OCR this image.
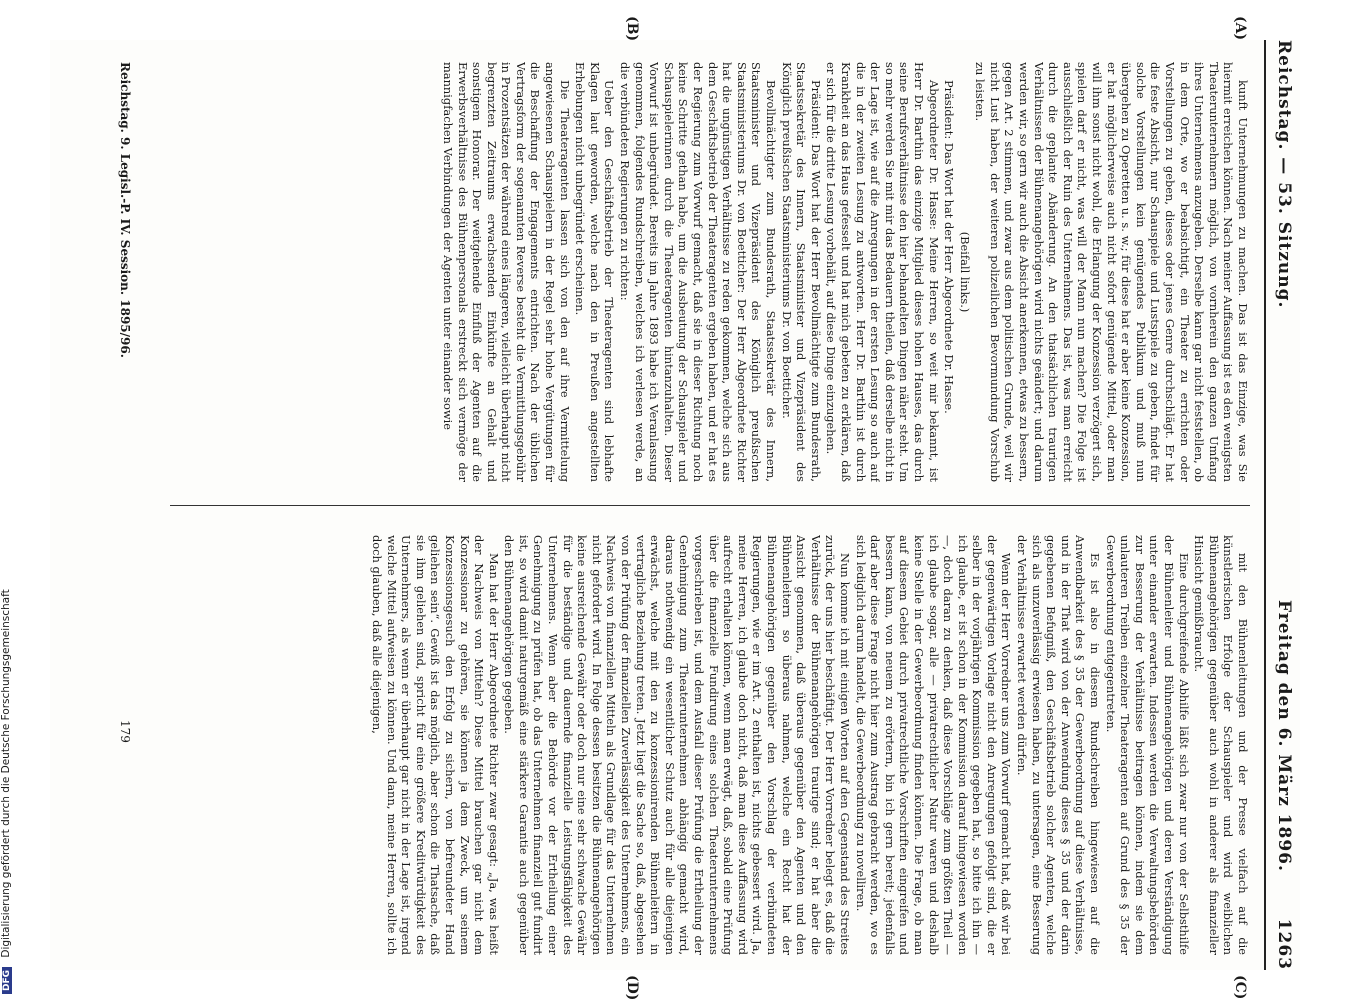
Reichstag. — 53. Sitzung.
Freitag den 6. März 1896.
1263
(A)
(B)
(C)
(D)

kunft Unternehmungen zu machen. Das ist das Einzige, was Sie hiermit erreichen können. Nach meiner Auffassung ist es den wenigsten Theaterunternehmern möglich, von vornherein den ganzen Umfang ihres Unternehmens anzugeben. Derselbe kann gar nicht feststellen, ob in dem Orte, wo er beabsichtigt, ein Theater zu errichten oder Vorstellungen zu geben, dieses oder jenes Genre durchschlägt. Er hat die feste Absicht, nur Schauspiele und Lustspiele zu geben, findet für solche Vorstellungen kein genügendes Publikum und muß nun übergehen zu Operetten u. s. w.; für diese hat er aber keine Konzession, er hat möglicherweise auch nicht sofort genügende Mittel, oder man will ihm sonst nicht wohl, die Erlangung der Konzession verzögert sich, spielen darf er nicht, was will der Mann nun machen? Die Folge ist ausschließlich der Ruin des Unternehmens. Das ist, was man erreicht durch die geplante Abänderung. An den thatsächlichen traurigen Verhältnissen der Bühnenangehörigen wird nichts geändert; und darum werden wir, so gern wir auch die Absicht anerkennen, etwas zu bessern, gegen Art. 2 stimmen, und zwar aus dem politischen Grunde, weil wir nicht Lust haben, der weiteren polizeilichen Bevormundung Vorschub zu leisten.

(Beifall links.)

Präsident: Das Wort hat der Herr Abgeordnete Dr. Hasse.

Abgeordneter Dr. Hasse: Meine Herren, so weit mir bekannt, ist Herr Dr. Barthin das einzige Mitglied dieses hohen Hauses, das durch seine Berufsverhältnisse den hier behandelten Dingen näher steht. Um so mehr werden Sie mit mir das Bedauern theilen, daß derselbe nicht in der Lage ist, wie auf die Anregungen in der ersten Lesung so auch auf die in der zweiten Lesung zu antworten. Herr Dr. Barthin ist durch Krankheit an das Haus gefesselt und hat mich gebeten zu erklären, daß er sich für die dritte Lesung vorbehält, auf diese Dinge einzugehen.

Präsident: Das Wort hat der Herr Bevollmächtigte zum Bundesrath, Staatssekretär des Innern, Staatsminister und Vizepräsident des Königlich preußischen Staatsministeriums Dr. von Boetticher.

Bevollmächtigter zum Bundesrath, Staatssekretär des Innern, Staatsminister und Vizepräsident des Königlich preußischen Staatsministeriums Dr. von Boetticher: Der Herr Abgeordnete Richter hat die ungünstigen Verhältnisse zu reden gekommen, welche sich aus dem Geschäftsbetrieb der Theateragenten ergeben haben, und er hat es der Regierung zum Vorwurf gemacht, daß sie in dieser Richtung noch keine Schritte gethan habe, um die Ausbeutung der Schauspieler und Schauspielerinnen durch die Theateragenten hintanzuhalten. Dieser Vorwurf ist unbegründet. Bereits im Jahre 1893 habe ich Veranlassung genommen, folgendes Rundschreiben, welches ich verlesen werde, an die verbündeten Regierungen zu richten:

Ueber den Geschäftsbetrieb der Theateragenten sind lebhafte Klagen laut geworden, welche nach den in Preußen angestellten Erhebungen nicht unbegründet erscheinen.

Die Theateragenten lassen sich von den auf ihre Vermittelung angewiesenen Schauspielern in der Regel sehr hohe Vergütungen für die Beschaffung der Engagements entrichten. Nach der üblichen Vertragsform der sogenannten Reverse besteht die Vermittlungsgebühr in Prozentsätzen der während eines längeren, vielleicht überhaupt nicht begrenzten Zeitraums erwachsenden Einkünfte an Gehalt und sonstigem Honorar. Der weitgehende Einfluß der Agenten auf die Erwerbsverhältnisse des Bühnenpersonals erstreckt sich vermöge der mannigfachen Verbindungen der Agenten unter einander sowie

mit den Bühnenleitungen und der Presse vielfach auf die künstlerischen Erfolge der Schauspieler und wird weiblichen Bühnenangehörigen gegenüber auch wohl in anderer als finanzieller Hinsicht gemißbraucht.

Eine durchgreifende Abhilfe läßt sich zwar nur von der Selbsthilfe der Bühnenleiter und Bühnenangehörigen und deren Verständigung unter einander erwarten. Indessen werden die Verwaltungsbehörden zur Besserung der Verhältnisse beitragen können, indem sie dem unlauteren Treiben einzelner Theateragenten auf Grund des § 35 der Gewerbeordnung entgegentreten.

Es ist also in diesem Rundschreiben hingewiesen auf die Anwendbarkeit des § 35 der Gewerbeordnung auf diese Verhältnisse, und in der That wird von der Anwendung dieses § 35 und der darin gegebenen Befugniß, den Geschäftsbetrieb solcher Agenten, welche sich als unzuverlässig erwiesen haben, zu untersagen, eine Besserung der Verhältnisse erwartet werden dürfen.

Wenn der Herr Vorredner uns zum Vorwurf gemacht hat, daß wir bei der gegenwärtigen Vorlage nicht den Anregungen gefolgt sind, die er selber in der vorjährigen Kommission gegeben hat, so bitte ich ihn — ich glaube, er ist schon in der Kommission darauf hingewiesen worden —, doch daran zu denken, daß diese Vorschläge zum größten Theil — ich glaube sogar, alle — privatrechtlicher Natur waren und deshalb keine Stelle in der Gewerbeordnung finden können. Die Frage, ob man auf diesem Gebiet durch privatrechtliche Vorschriften eingreifen und bessern kann, von neuem zu erörtern, bin ich gern bereit; jedenfalls darf aber diese Frage nicht hier zum Austrag gebracht werden, wo es sich lediglich darum handelt, die Gewerbeordnung zu novelliren.

Nun komme ich mit einigen Worten auf den Gegenstand des Streites zurück, der uns hier beschäftigt. Der Herr Vorredner belegt es, daß die Verhältnisse der Bühnenangehörigen traurige sind; er hat aber die Ansicht genommen, daß überaus gegenüber den Agenten und den Bühnenleitern so überaus nahmen, welche ein Recht hat der Bühnenangehörigen gegenüber den Vorschlag der verbündeten Regierungen, wie er im Art. 2 enthalten ist, nichts gebessert wird. Ja, meine Herren, ich glaube doch nicht, daß man diese Auffassung wird aufrecht erhalten können, wenn man erwägt, daß, sobald eine Prüfung über die finanzielle Fundirung eines solchen Theaterunternehmens vorgeschrieben ist, und dem Ausfall dieser Prüfung die Ertheilung der Genehmigung zum Theaterunternehmen abhängig gemacht wird, daraus nothwendig ein wesentlicher Schutz auch für alle diejenigen erwächst, welche mit den zu konzessionirenden Bühnenleitern in vertragliche Beziehung treten. Jetzt liegt die Sache so, daß, abgesehen von der Prüfung der finanziellen Zuverlässigkeit des Unternehmens, ein Nachweis von finanziellen Mitteln als Grundlage für das Unternehmen nicht gefordert wird. In Folge dessen besitzen die Bühnenangehörigen keine ausreichende Gewähr oder doch nur eine sehr schwache Gewähr für die beständige und dauernde finanzielle Leistungsfähigkeit des Unternehmens. Wenn aber die Behörde vor der Ertheilung einer Genehmigung zu prüfen hat, ob das Unternehmen finanziell gut fundirt ist, so wird damit naturgemäß eine stärkere Garantie auch gegenüber den Bühnenangehörigen gegeben.

Man hat der Herr Abgeordnete Richter zwar gesagt: „Ja, was heißt der Nachweis von Mitteln? Diese Mittel brauchen gar nicht dem Konzessionar zu gehören, sie können ja dem Zweck, um seinem Konzessionsgesuch den Erfolg zu sichern, von befreundeter Hand geliehen sein“. Gewiß ist das möglich, aber schon die Thatsache, daß sie ihm geliehen sind, spricht für eine größere Kreditwürdigkeit des Unternehmers, als wenn er überhaupt gar nicht in der Lage ist, irgend welche Mittel aufweisen zu können. Und dann, meine Herren, sollte ich doch glauben, daß alle diejenigen,

Reichstag. 9. Legisl.-P. IV. Session. 1895/96.
179
DFG Digitalisierung gefördert durch die Deutsche Forschungsgemeinschaft
